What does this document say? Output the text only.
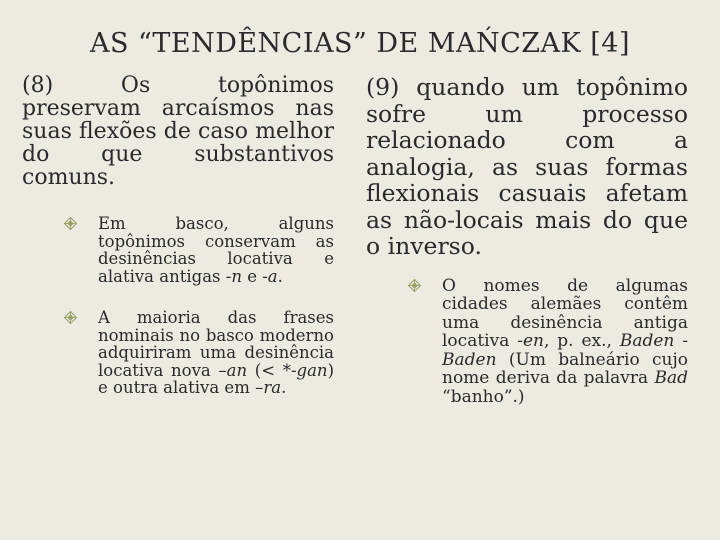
AS “TENDÊNCIAS” DE MAŃCZAK [4]

(8) Os topônimos preservam arcaísmos nas suas flexões de caso melhor do que substantivos comuns.

Em basco, alguns topônimos conservam as desinências locativa e alativa antigas -n e -a.
A maioria das frases nominais no basco moderno adquiriram uma desinência locativa nova –an (< *-gan) e outra alativa em –ra.

(9) quando um topônimo sofre um processo relacionado com a analogia, as suas formas flexionais casuais afetam as não-locais mais do que o inverso.

O nomes de algumas cidades alemães contêm uma desinência antiga locativa -en, p. ex., Baden -Baden (Um balneário cujo nome deriva da palavra Bad “banho”.)
